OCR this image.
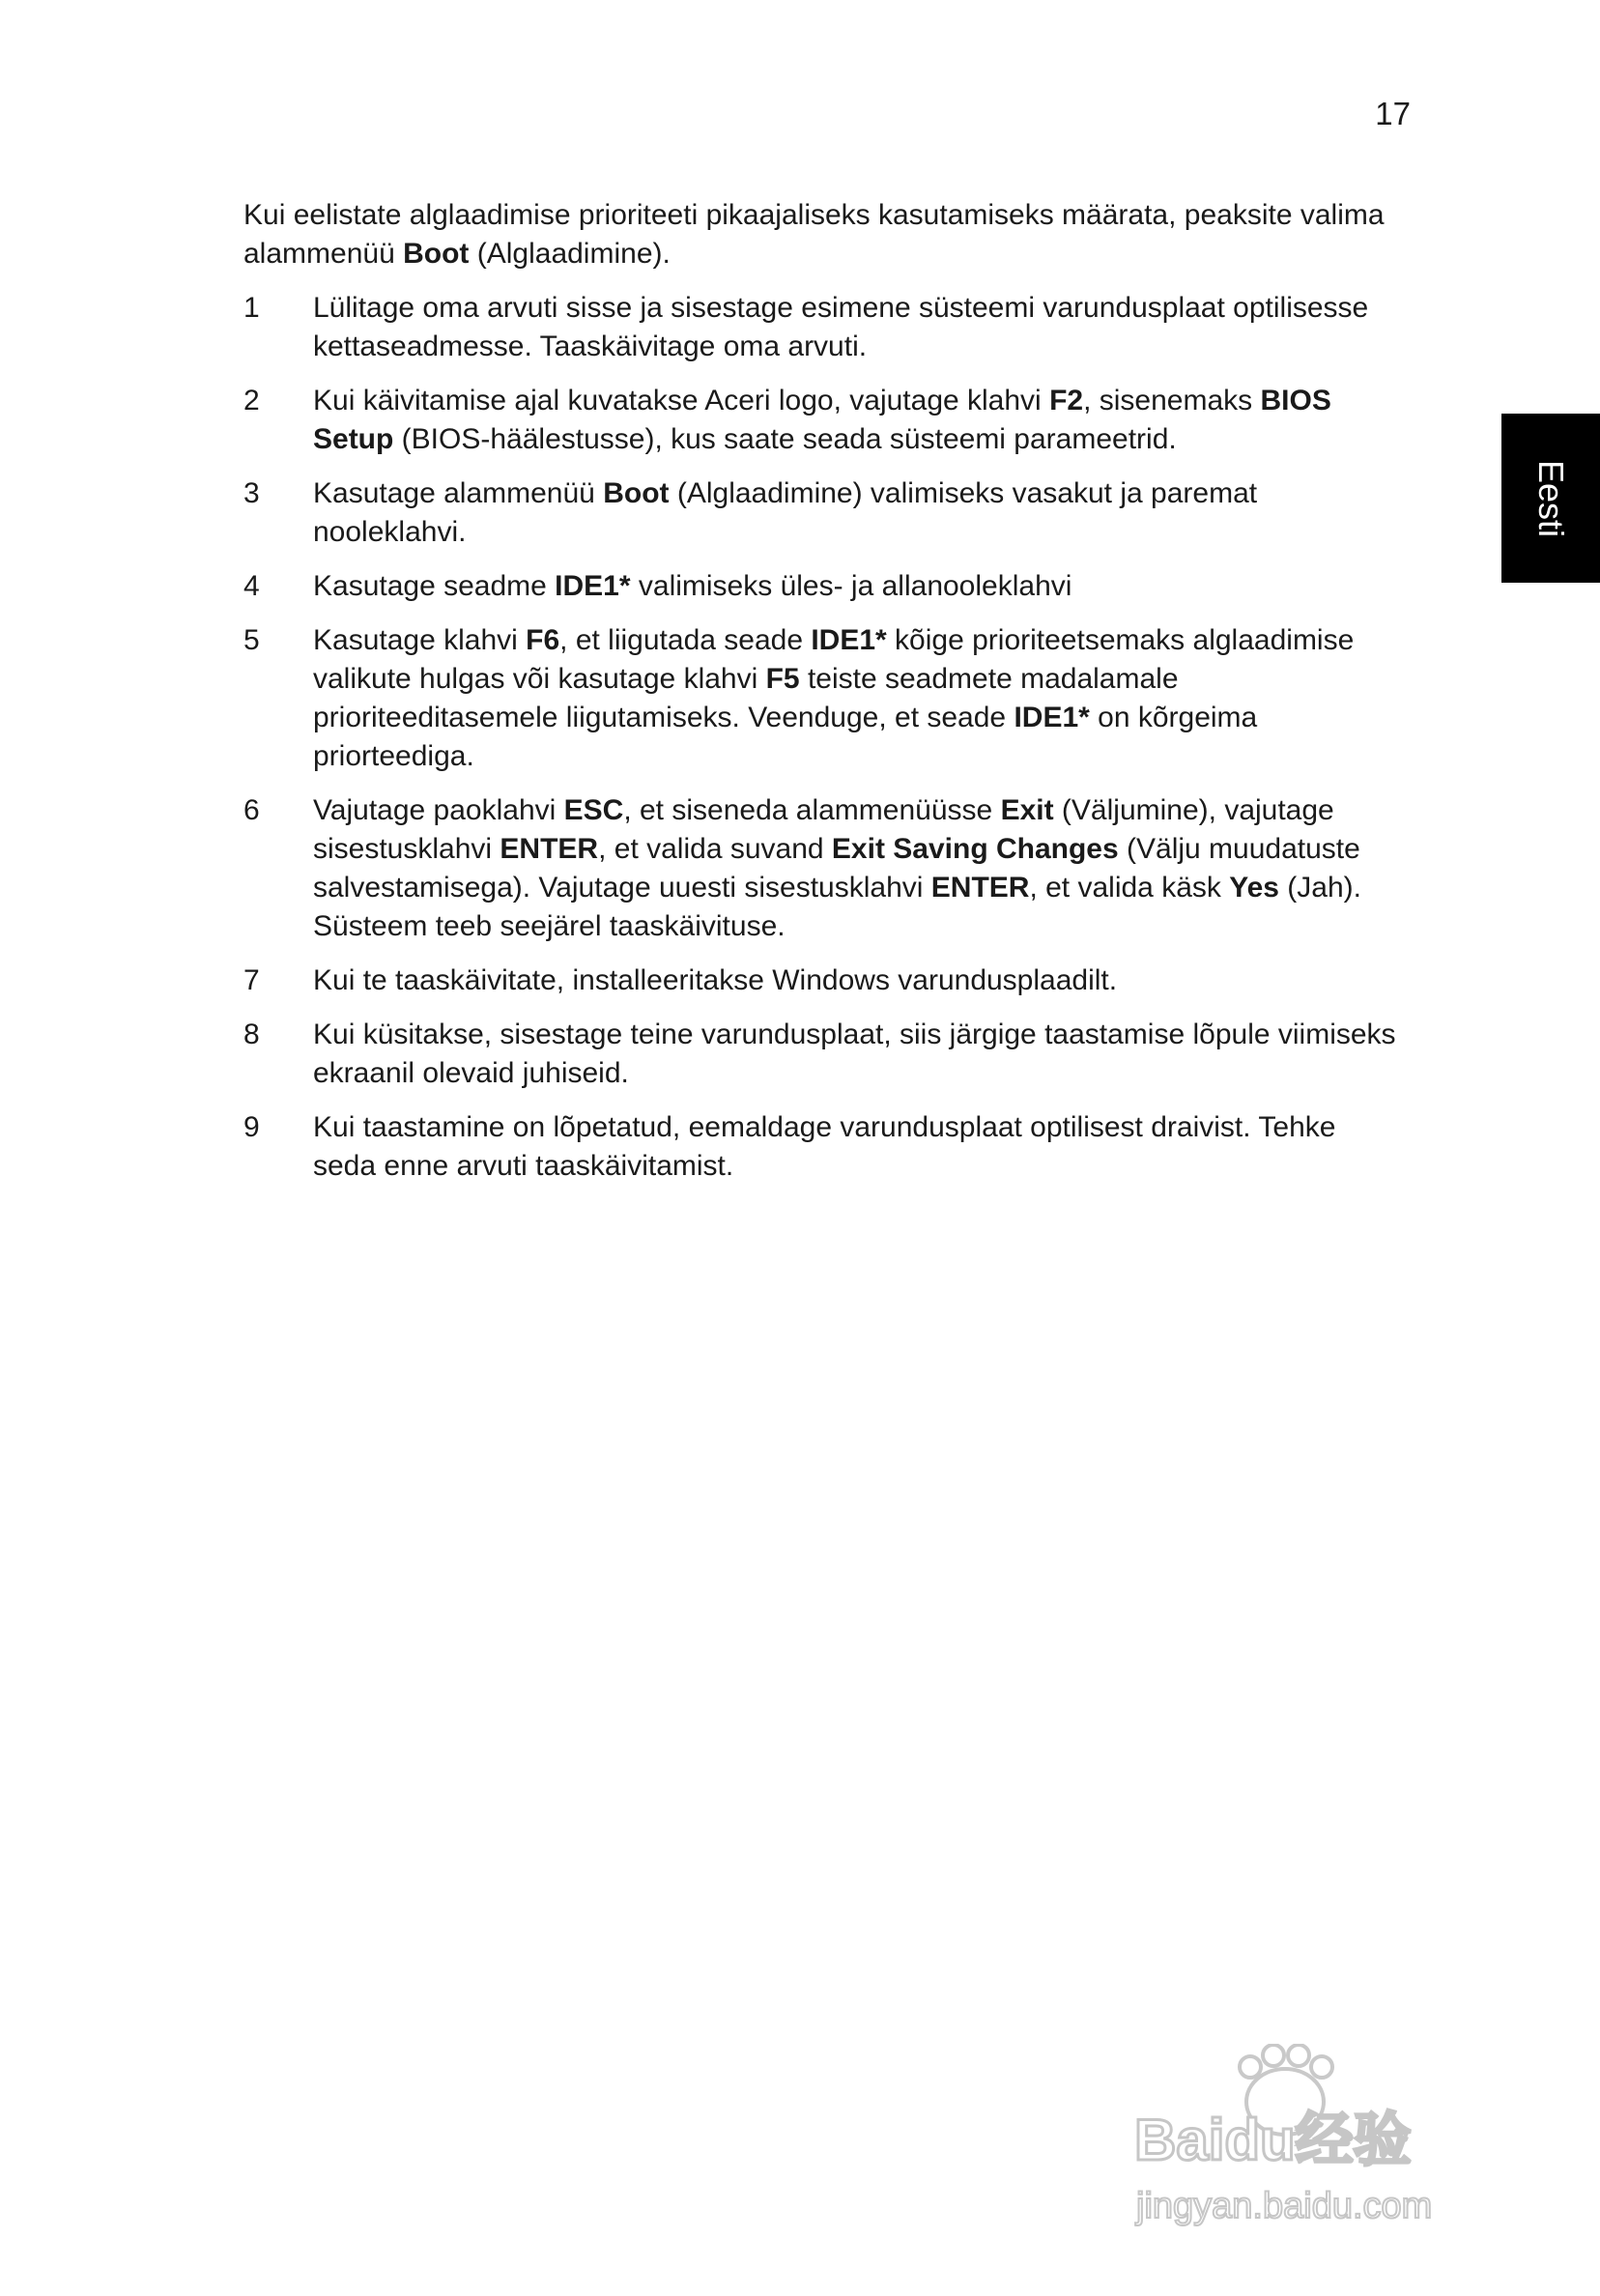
17
Eesti

Kui eelistate alglaadimise prioriteeti pikaajaliseks kasutamiseks määrata, peaksite valima alammenüü Boot (Alglaadimine).

1	Lülitage oma arvuti sisse ja sisestage esimene süsteemi varundusplaat optilisesse kettaseadmesse. Taaskäivitage oma arvuti.
2	Kui käivitamise ajal kuvatakse Aceri logo, vajutage klahvi F2, sisenemaks BIOS Setup (BIOS-häälestusse), kus saate seada süsteemi parameetrid.
3	Kasutage alammenüü Boot (Alglaadimine) valimiseks vasakut ja paremat nooleklahvi.
4	Kasutage seadme IDE1* valimiseks üles- ja allanooleklahvi
5	Kasutage klahvi F6, et liigutada seade IDE1* kõige prioriteetsemaks alglaadimise valikute hulgas või kasutage klahvi F5 teiste seadmete madalamale prioriteeditasemele liigutamiseks. Veenduge, et seade IDE1* on kõrgeima priorteediga.
6	Vajutage paoklahvi ESC, et siseneda alammenüüsse Exit (Väljumine), vajutage sisestusklahvi ENTER, et valida suvand Exit Saving Changes (Välju muudatuste salvestamisega). Vajutage uuesti sisestusklahvi ENTER, et valida käsk Yes (Jah). Süsteem teeb seejärel taaskäivituse.
7	Kui te taaskäivitate, installeeritakse Windows varundusplaadilt.
8	Kui küsitakse, sisestage teine varundusplaat, siis järgige taastamise lõpule viimiseks ekraanil olevaid juhiseid.
9	Kui taastamine on lõpetatud, eemaldage varundusplaat optilisest draivist. Tehke seda enne arvuti taaskäivitamist.
Baidu经验
jingyan.baidu.com
